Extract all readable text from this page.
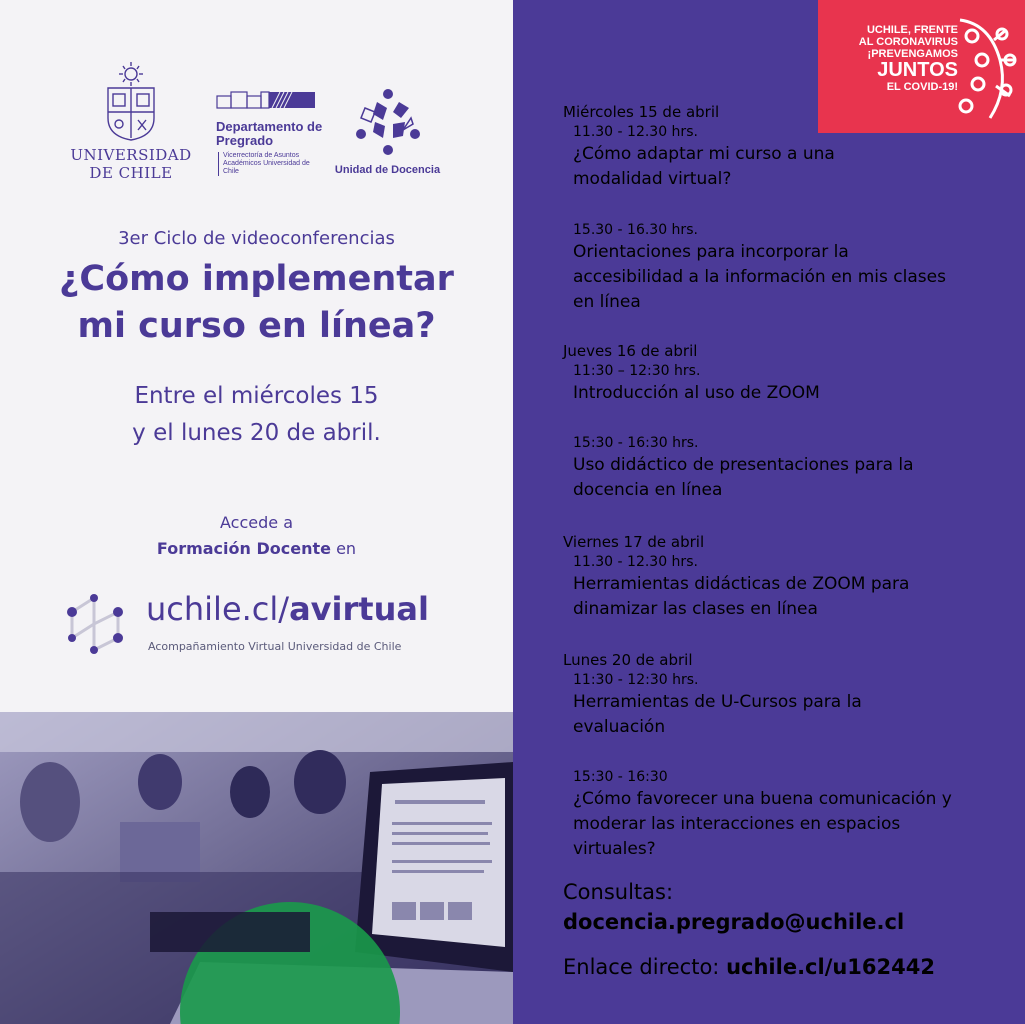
UNIVERSIDAD DE CHILE
Departamento de Pregrado
Vicerrectoría de Asuntos Académicos Universidad de Chile	Unidad de Docencia
3er Ciclo de videoconferencias
¿Cómo implementar
mi curso en línea?
Entre el miércoles 15
y el lunes 20 de abril.
Accede a
Formación Docente en
uchile.cl/avirtual
Acompañamiento Virtual Universidad de Chile
UCHILE, FRENTE
AL CORONAVIRUS
¡PREVENGAMOS
JUNTOS
EL COVID-19!
Miércoles 15 de abril
11.30 - 12.30 hrs.
¿Cómo adaptar mi curso a una modalidad virtual?
15.30 - 16.30 hrs.
Orientaciones para incorporar la accesibilidad a la información en mis clases en línea
Jueves 16 de abril
11:30 – 12:30 hrs.
Introducción al uso de ZOOM
15:30 - 16:30 hrs.
Uso didáctico de presentaciones para la docencia en línea
Viernes 17 de abril
11.30 - 12.30 hrs.
Herramientas didácticas de ZOOM para dinamizar las clases en línea
Lunes 20 de abril
11:30 - 12:30 hrs.
Herramientas de U-Cursos para la evaluación
15:30 - 16:30
¿Cómo favorecer una buena comunicación y moderar las interacciones en espacios virtuales?
Consultas:
docencia.pregrado@uchile.cl
Enlace directo: uchile.cl/u162442
